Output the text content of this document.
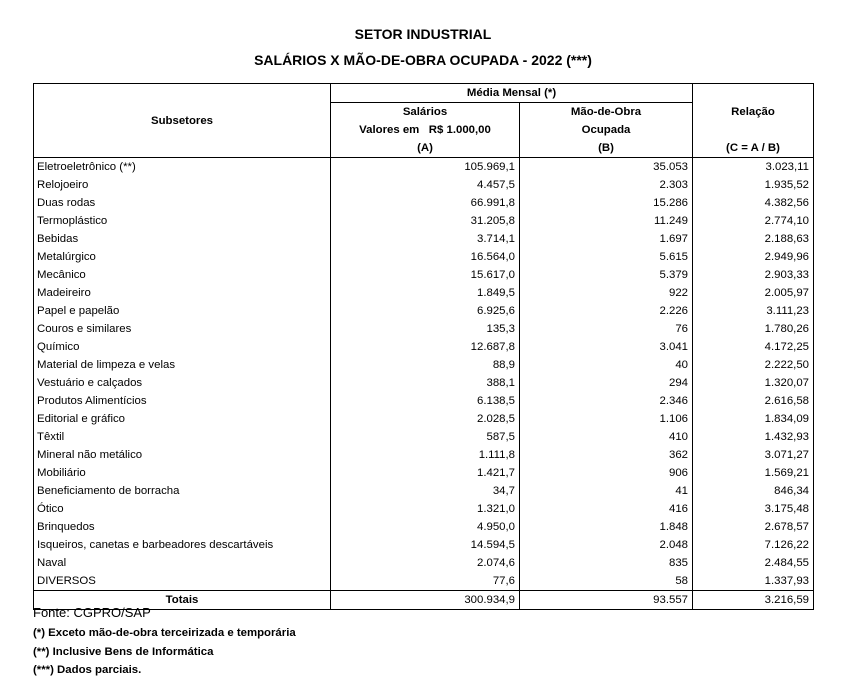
SETOR INDUSTRIAL
SALÁRIOS X MÃO-DE-OBRA OCUPADA - 2022 (***)
Subsetores	Média Mensal (*)		Relação
	Salários	Mão-de-Obra	
	Valores em   R$ 1.000,00	Ocupada	
	(A)	(B)	(C = A / B)
Eletroeletrônico (**)	105.969,1	35.053	3.023,11
Relojoeiro	4.457,5	2.303	1.935,52
Duas rodas	66.991,8	15.286	4.382,56
Termoplástico	31.205,8	11.249	2.774,10
Bebidas	3.714,1	1.697	2.188,63
Metalúrgico	16.564,0	5.615	2.949,96
Mecânico	15.617,0	5.379	2.903,33
Madeireiro	1.849,5	922	2.005,97
Papel e papelão	6.925,6	2.226	3.111,23
Couros e similares	135,3	76	1.780,26
Químico	12.687,8	3.041	4.172,25
Material de limpeza e velas	88,9	40	2.222,50
Vestuário e calçados	388,1	294	1.320,07
Produtos Alimentícios	6.138,5	2.346	2.616,58
Editorial e gráfico	2.028,5	1.106	1.834,09
Têxtil	587,5	410	1.432,93
Mineral não metálico	1.111,8	362	3.071,27
Mobiliário	1.421,7	906	1.569,21
Beneficiamento de borracha	34,7	41	846,34
Ótico	1.321,0	416	3.175,48
Brinquedos	4.950,0	1.848	2.678,57
Isqueiros, canetas e barbeadores descartáveis	14.594,5	2.048	7.126,22
Naval	2.074,6	835	2.484,55
DIVERSOS	77,6	58	1.337,93
Totais	300.934,9	93.557	3.216,59
Fonte: CGPRO/SAP
(*) Exceto mão-de-obra terceirizada e temporária
(**) Inclusive Bens de Informática
(***) Dados parciais.
